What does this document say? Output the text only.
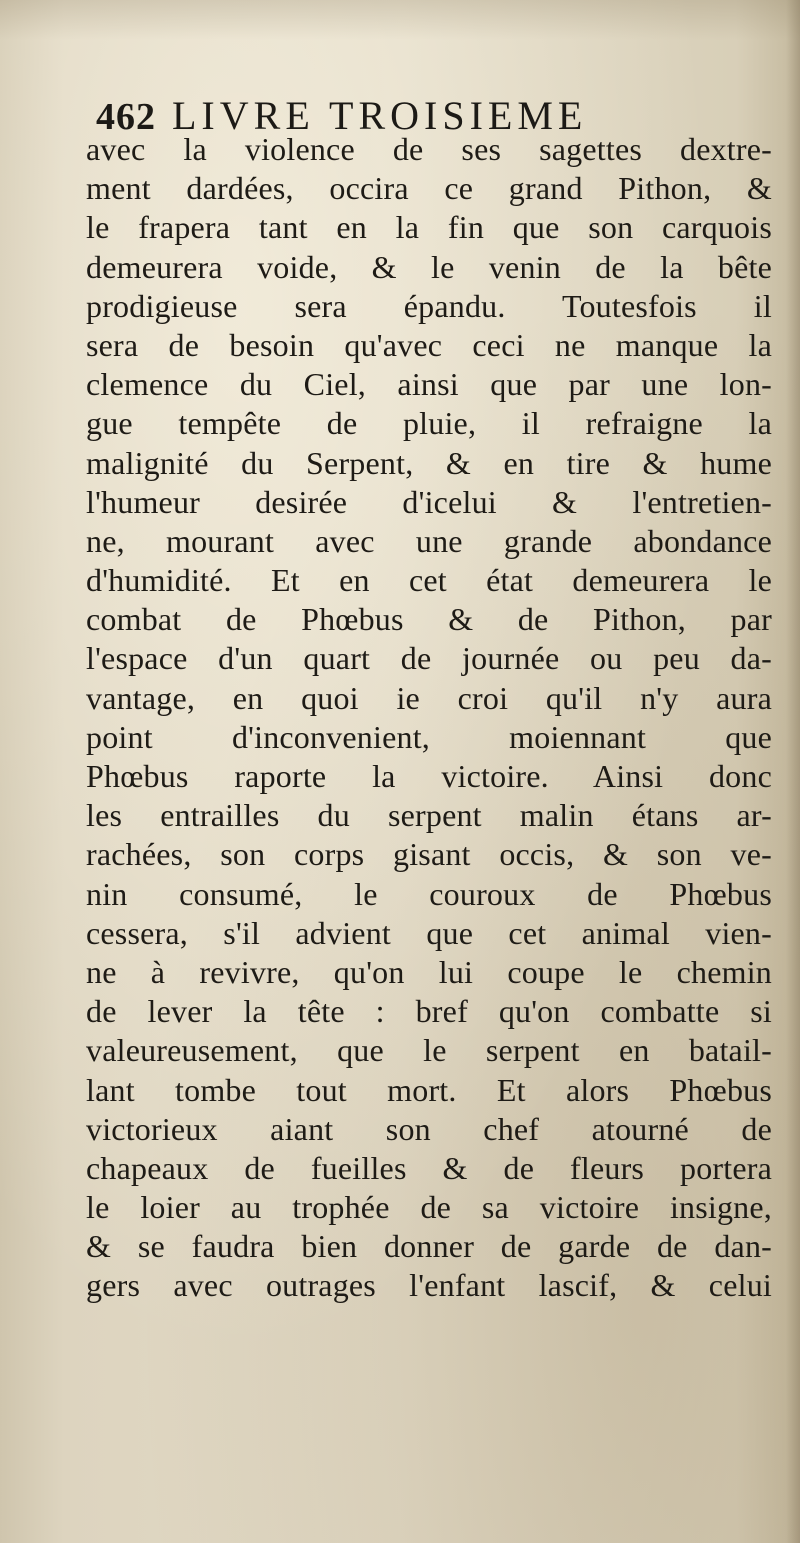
462 LIVRE TROISIEME
avec la violence de ses sagettes dextre-
ment dardées, occira ce grand Pithon, &
le frapera tant en la fin que son carquois
demeurera voide, & le venin de la bête
prodigieuse sera épandu. Toutesfois il
sera de besoin qu'avec ceci ne manque la
clemence du Ciel, ainsi que par une lon-
gue tempête de pluie, il refraigne la
malignité du Serpent, & en tire & hume
l'humeur desirée d'icelui & l'entretien-
ne, mourant avec une grande abondance
d'humidité. Et en cet état demeurera le
combat de Phœbus & de Pithon, par
l'espace d'un quart de journée ou peu da-
vantage, en quoi ie croi qu'il n'y aura
point d'inconvenient, moiennant que
Phœbus raporte la victoire. Ainsi donc
les entrailles du serpent malin étans ar-
rachées, son corps gisant occis, & son ve-
nin consumé, le couroux de Phœbus
cessera, s'il advient que cet animal vien-
ne à revivre, qu'on lui coupe le chemin
de lever la tête : bref qu'on combatte si
valeureusement, que le serpent en batail-
lant tombe tout mort. Et alors Phœbus
victorieux aiant son chef atourné de
chapeaux de fueilles & de fleurs portera
le loier au trophée de sa victoire insigne,
& se faudra bien donner de garde de dan-
gers avec outrages l'enfant lascif, & celui
